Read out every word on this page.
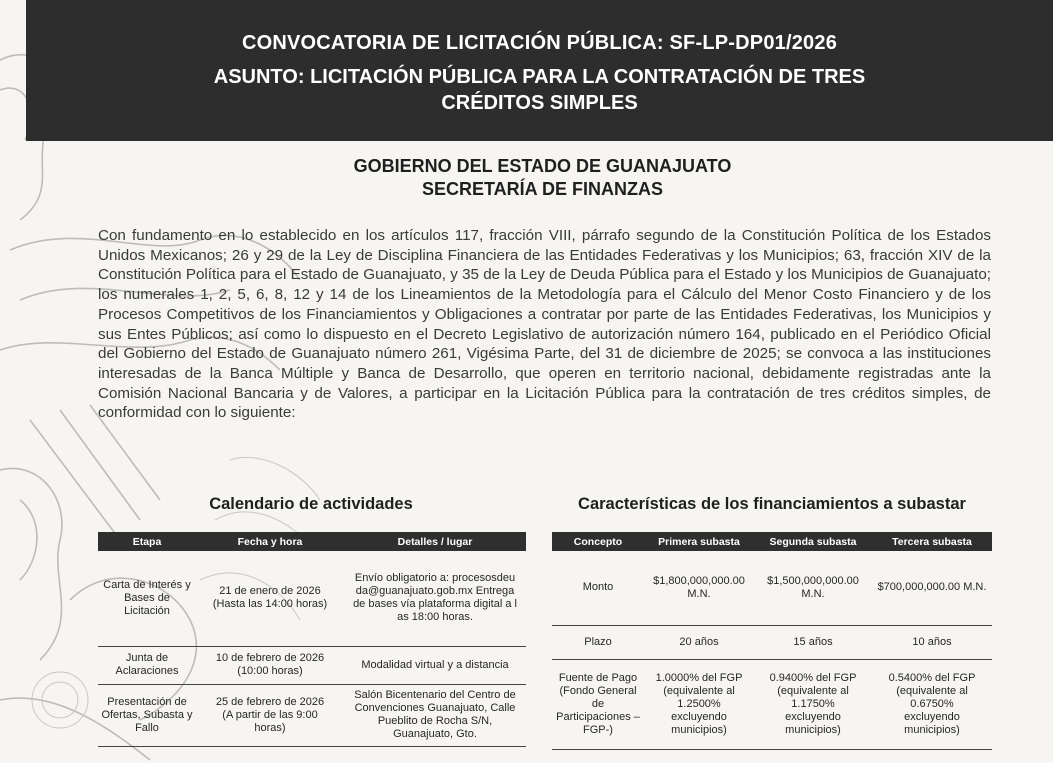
CONVOCATORIA DE LICITACIÓN PÚBLICA: SF-LP-DP01/2026
ASUNTO: LICITACIÓN PÚBLICA PARA LA CONTRATACIÓN DE TRES CRÉDITOS SIMPLES
GOBIERNO DEL ESTADO DE GUANAJUATO
SECRETARÍA DE FINANZAS

Con fundamento en lo establecido en los artículos 117, fracción VIII, párrafo segundo de la Constitución Política de los Estados Unidos Mexicanos; 26 y 29 de la Ley de Disciplina Financiera de las Entidades Federativas y los Municipios; 63, fracción XIV de la Constitución Política para el Estado de Guanajuato, y 35 de la Ley de Deuda Pública para el Estado y los Municipios de Guanajuato; los numerales 1, 2, 5, 6, 8, 12 y 14 de los Lineamientos de la Metodología para el Cálculo del Menor Costo Financiero y de los Procesos Competitivos de los Financiamientos y Obligaciones a contratar por parte de las Entidades Federativas, los Municipios y sus Entes Públicos; así como lo dispuesto en el Decreto Legislativo de autorización número 164, publicado en el Periódico Oficial del Gobierno del Estado de Guanajuato número 261, Vigésima Parte, del 31 de diciembre de 2025; se convoca a las instituciones interesadas de la Banca Múltiple y Banca de Desarrollo, que operen en territorio nacional, debidamente registradas ante la Comisión Nacional Bancaria y de Valores, a participar en la Licitación Pública para la contratación de tres créditos simples, de conformidad con lo siguiente:

Calendario de actividades	Características de los financiamientos a subastar
Etapa	Fecha y hora	Detalles / lugar
Carta de Interés y Bases de Licitación	21 de enero de 2026 (Hasta las 14:00 horas)	Envío obligatorio a: procesosdeuda@guanajuato.gob.mx Entrega de bases vía plataforma digital a las 18:00 horas.
Junta de Aclaraciones	10 de febrero de 2026 (10:00 horas)	Modalidad virtual y a distancia
Presentación de Ofertas, Subasta y Fallo	25 de febrero de 2026 (A partir de las 9:00 horas)	Salón Bicentenario del Centro de Convenciones Guanajuato, Calle Pueblito de Rocha S/N, Guanajuato, Gto.
Concepto	Primera subasta	Segunda subasta	Tercera subasta
Monto	$1,800,000,000.00 M.N.	$1,500,000,000.00 M.N.	$700,000,000.00 M.N.
Plazo	20 años	15 años	10 años
Fuente de Pago (Fondo General de Participaciones –FGP-)	1.0000% del FGP (equivalente al 1.2500% excluyendo municipios)	0.9400% del FGP (equivalente al 1.1750% excluyendo municipios)	0.5400% del FGP (equivalente al 0.6750% excluyendo municipios)
